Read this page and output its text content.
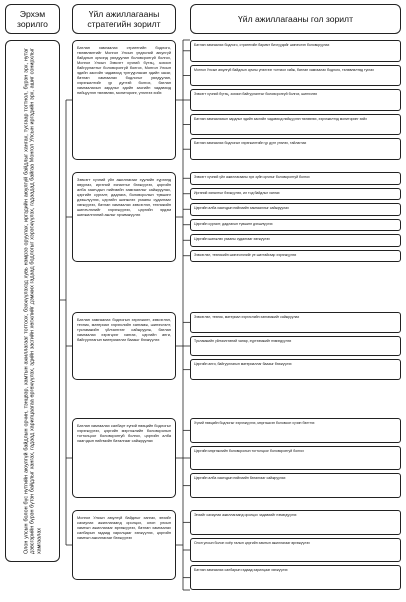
Эрхэм зорилго
Үйл ажиллагааны стратегийн зорилт	Үйл ажиллагааны гол зорилт
Олон улсын болон бүс нутгийн аюулгүй байдлын орчин, тэнцвэр, хамтын ажиллагааг тогтоох, бэхжүүлэхэд хувь нэмрээ оруулах, иргэдийн аюулгүй байдлыг хангах, тусгаар тогтнол, бүрэн эрх, нутаг дэвсгэрийн бүрэн бүтэн байдлыг хангах, гадаад харилцаагаа өргөжүүлэх, эдийн засгийн хөгжлийг дэмжих гадаад бодлогыг хэрэгжүүлэх, гадаадад байгаа Монгол Улсын иргэдийн эрх, ашиг сонирхлыг хамгаалах
Батлан хамгаалах стратегийн бодлого, төлөвлөлтийг Монгол Улсын үндэсний аюулгүй байдлын орчинд уялдуулан боловсронгуй болгох, Монгол Улсын Зэвсэгт хүчний бүтэц, зохион байгуулалтыг боловсронгуй болгох, Монгол Улсын эдийн засгийн чадавхид тулгуурласан эдийн засаг, батлан хамгаалах бодлогыг уялдуулан, хэрэгжилтийг үр дүнтэй болгох, батлан хамгаалахын зардлыг эдийн засгийн чадавхид нийцүүлэн төлөвлөх, мониторинг, үнэлгээ хийх
Зэвсэгт хүчний үйл ажиллагааг хуулийн хүрээнд явуулах, иргэний хяналтыг бэхжүүлэх, цэргийн алба хаагчдын нийгмийн хамгааллыг сайжруулах, цэргийн сургалт, дадлага, боловсролын түвшинг дээшлүүлэх, цэргийн шинжлэх ухааны судалгааг хөгжүүлэх, батлан хамгаалах зэвсэглэл, техникийн шинэчлэлийг хэрэгжүүлэх, цэргийн эрдэм шинжилгээний ажлыг эрчимжүүлэх
Батлан хамгаалах бодлогын хэрэгжилт, зэвсэглэл, техник, материал хэрэгслийн хангамж, шинэчлэлт, тусламжийн үйлчилгээг сайжруулж, батлан хамгаалах хэрэгцээг хангах, цэргийн анги, байгууллагын материаллаг баазыг бэхжүүлэх
Батлан хамгаалах салбарт хүний нөөцийн бодлогыг хэрэгжүүлэх, цэргийн мэргэжлийн боловсролын тогтолцоог боловсронгуй болгох, цэргийн алба хаагчдын нийгмийн баталгааг сайжруулах
Монгол Улсын аюулгүй байдлыг хангах, энхийг сахиулах ажиллагаанд оролцох, олон улсын хамтын ажиллагааг өргөжүүлэх, батлан хамгаалах салбарын гадаад харилцааг хөгжүүлэх, цэргийн хамтын ажиллагааг бэхжүүлэх
Батлан хамгаалах бодлого, стратегийн баримт бичгүүдийг шинэчлэн боловсруулах
Монгол Улсын аюулгүй байдлын орчны үнэлгээг тогтмол хийж, батлан хамгаалах бодлого, төлөвлөлтөд тусгах
Зэвсэгт хүчний бүтэц, зохион байгуулалтыг боловсронгуй болгох, шинэчлэх
Батлан хамгаалахын зардлыг эдийн засгийн чадавхид нийцүүлэн төлөвлөх, хэрэгжилтэд мониторинг хийх
Батлан хамгаалах бодлогын хэрэгжилтийн үр дүнг үнэлэх, тайлагнах
Зэвсэгт хүчний үйл ажиллагааны эрх зүйн орчныг боловсронгуй болгох
Иргэний хяналтыг бэхжүүлэх, ил тод байдлыг хангах
Цэргийн алба хаагчдын нийгмийн хамгааллыг сайжруулах
Цэргийн сургалт, дадлагын түвшинг дээшлүүлэх
Цэргийн шинжлэх ухааны судалгааг хөгжүүлэх
Зэвсэглэл, техникийн шинэчлэлийг үе шаттайгаар хэрэгжүүлэх
Зэвсэглэл, техник, материал хэрэгслийн хангамжийг сайжруулах
Тусламжийн үйлчилгээний чанар, хүртээмжийг нэмэгдүүлэх
Цэргийн анги, байгууллагын материаллаг баазыг бэхжүүлэх
Хүний нөөцийн бодлогыг хэрэгжүүлэх, мэргэшсэн боловсон хүчин бэлтгэх
Цэргийн мэргэжлийн боловсролын тогтолцоог боловсронгуй болгох
Цэргийн алба хаагчдын нийгмийн баталгааг сайжруулах
Энхийг сахиулах ажиллагаанд оролцох чадавхийг нэмэгдүүлэх
Олон улсын болон хоёр талын цэргийн хамтын ажиллагааг өргөжүүлэх
Батлан хамгаалах салбарын гадаад харилцааг хөгжүүлэх
